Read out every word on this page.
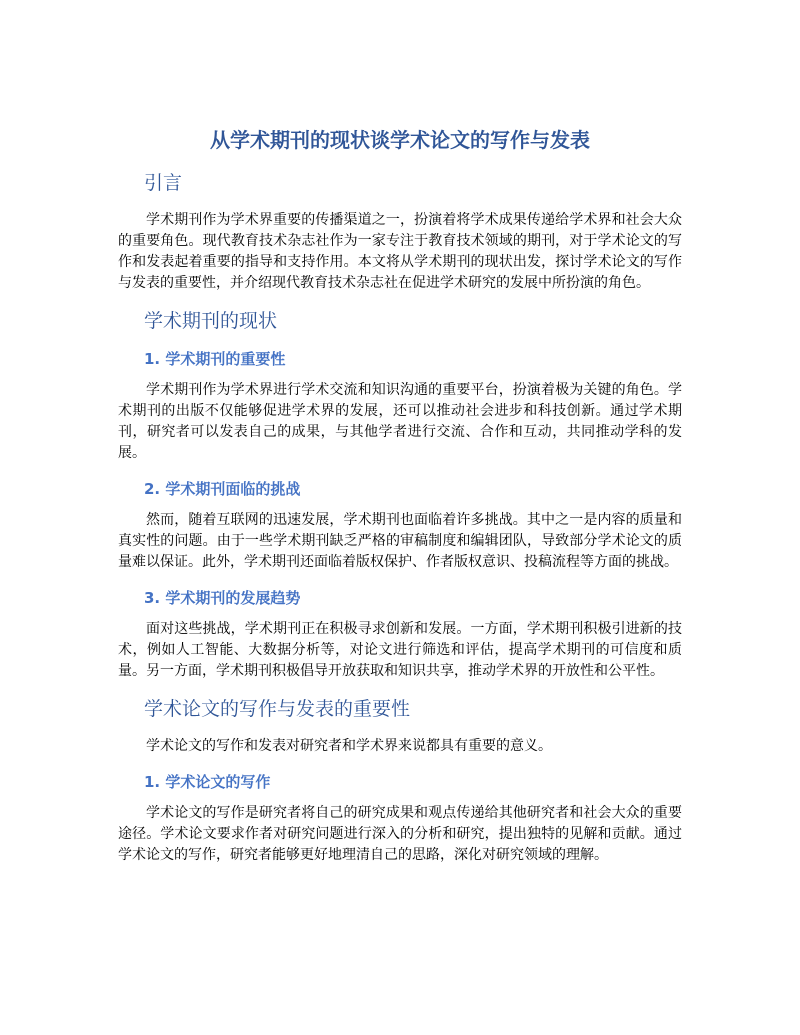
从学术期刊的现状谈学术论文的写作与发表
引言

学术期刊作为学术界重要的传播渠道之一，扮演着将学术成果传递给学术界和社会大众的重要角色。现代教育技术杂志社作为一家专注于教育技术领域的期刊，对于学术论文的写作和发表起着重要的指导和支持作用。本文将从学术期刊的现状出发，探讨学术论文的写作与发表的重要性，并介绍现代教育技术杂志社在促进学术研究的发展中所扮演的角色。

学术期刊的现状
1. 学术期刊的重要性

学术期刊作为学术界进行学术交流和知识沟通的重要平台，扮演着极为关键的角色。学术期刊的出版不仅能够促进学术界的发展，还可以推动社会进步和科技创新。通过学术期刊，研究者可以发表自己的成果，与其他学者进行交流、合作和互动，共同推动学科的发展。

2. 学术期刊面临的挑战

然而，随着互联网的迅速发展，学术期刊也面临着许多挑战。其中之一是内容的质量和真实性的问题。由于一些学术期刊缺乏严格的审稿制度和编辑团队，导致部分学术论文的质量难以保证。此外，学术期刊还面临着版权保护、作者版权意识、投稿流程等方面的挑战。

3. 学术期刊的发展趋势

面对这些挑战，学术期刊正在积极寻求创新和发展。一方面，学术期刊积极引进新的技术，例如人工智能、大数据分析等，对论文进行筛选和评估，提高学术期刊的可信度和质量。另一方面，学术期刊积极倡导开放获取和知识共享，推动学术界的开放性和公平性。

学术论文的写作与发表的重要性

学术论文的写作和发表对研究者和学术界来说都具有重要的意义。

1. 学术论文的写作

学术论文的写作是研究者将自己的研究成果和观点传递给其他研究者和社会大众的重要途径。学术论文要求作者对研究问题进行深入的分析和研究，提出独特的见解和贡献。通过学术论文的写作，研究者能够更好地理清自己的思路，深化对研究领域的理解。
